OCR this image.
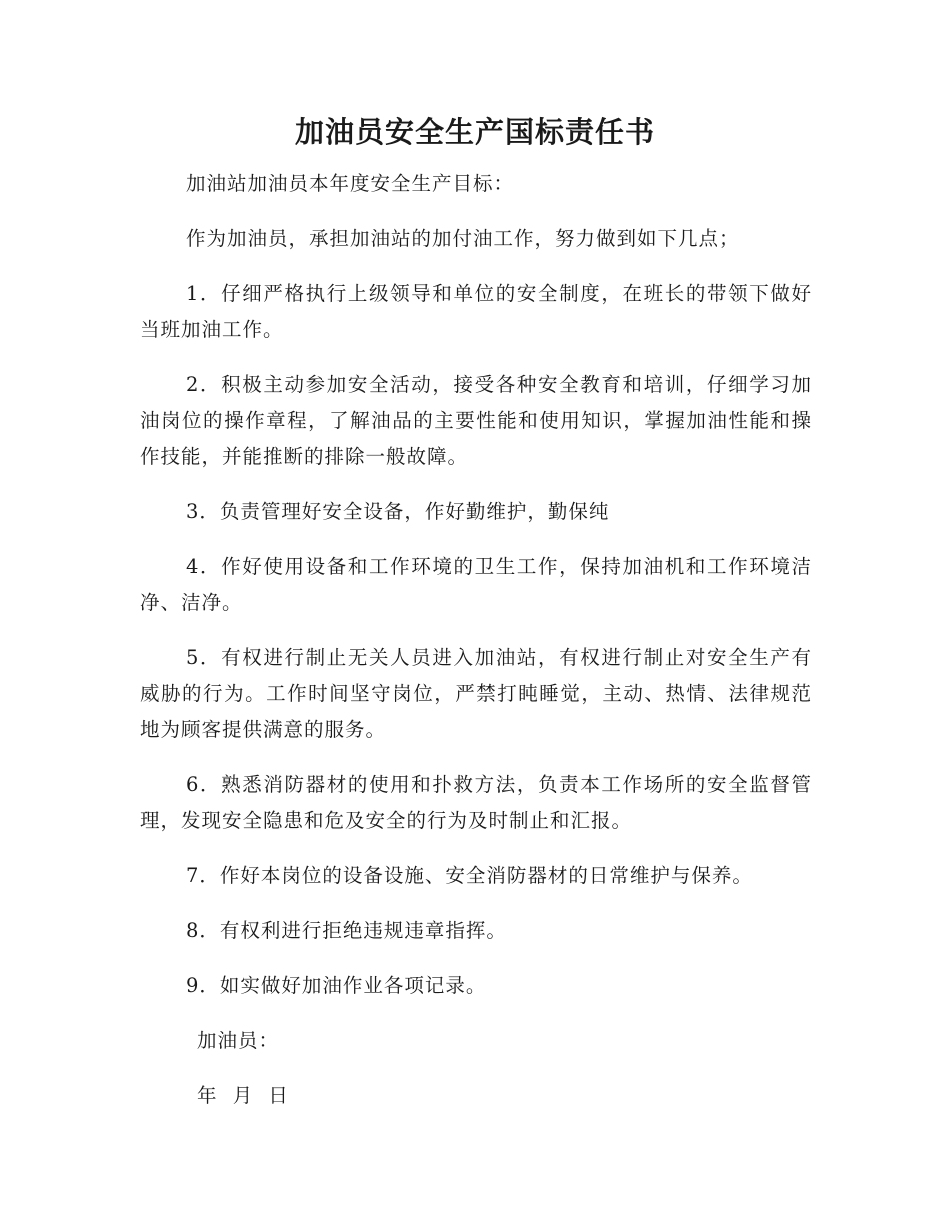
加油员安全生产国标责任书

加油站加油员本年度安全生产目标：

作为加油员，承担加油站的加付油工作，努力做到如下几点；

1．仔细严格执行上级领导和单位的安全制度，在班长的带领下做好当班加油工作。

2．积极主动参加安全活动，接受各种安全教育和培训，仔细学习加油岗位的操作章程，了解油品的主要性能和使用知识，掌握加油性能和操作技能，并能推断的排除一般故障。

3．负责管理好安全设备，作好勤维护，勤保纯

4．作好使用设备和工作环境的卫生工作，保持加油机和工作环境洁净、洁净。

5．有权进行制止无关人员进入加油站，有权进行制止对安全生产有威胁的行为。工作时间坚守岗位，严禁打盹睡觉，主动、热情、法律规范地为顾客提供满意的服务。

6．熟悉消防器材的使用和扑救方法，负责本工作场所的安全监督管理，发现安全隐患和危及安全的行为及时制止和汇报。

7．作好本岗位的设备设施、安全消防器材的日常维护与保养。

8．有权利进行拒绝违规违章指挥。

9．如实做好加油作业各项记录。

加油员：

年 月 日
